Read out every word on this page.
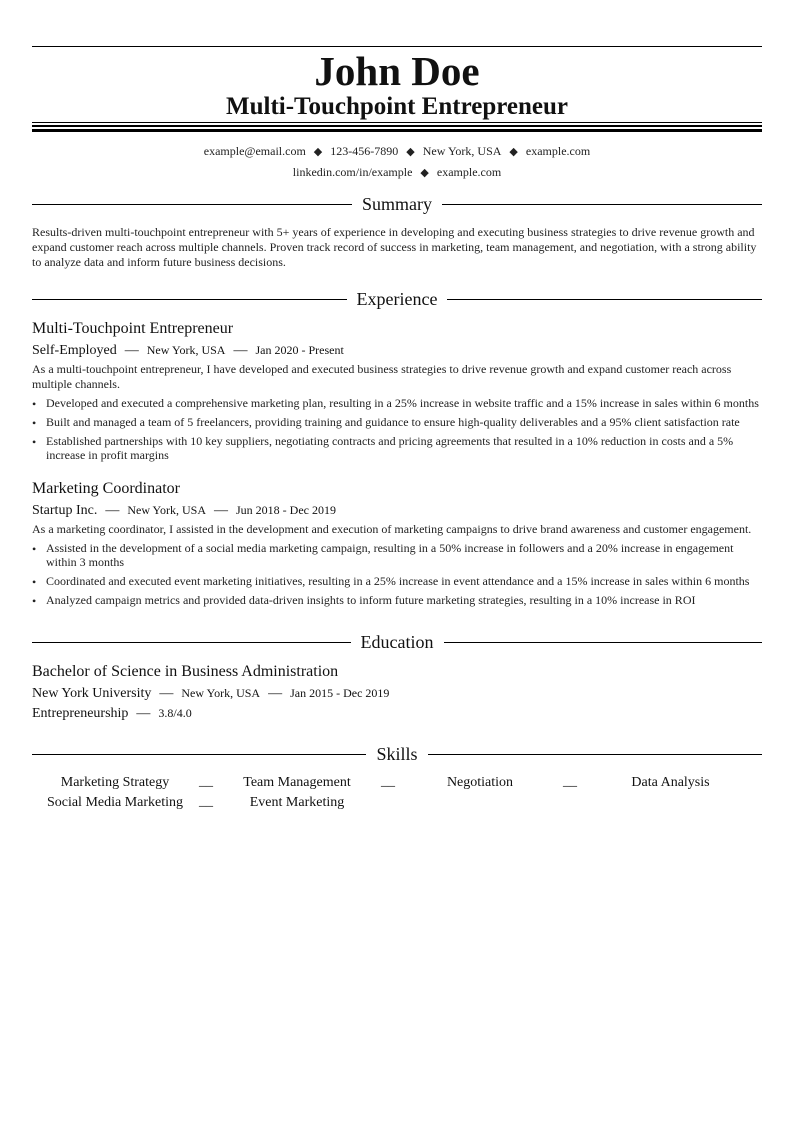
John Doe
Multi-Touchpoint Entrepreneur
example@email.com ◆ 123-456-7890 ◆ New York, USA ◆ example.com
linkedin.com/in/example ◆ example.com
Summary
Results-driven multi-touchpoint entrepreneur with 5+ years of experience in developing and executing business strategies to drive revenue growth and expand customer reach across multiple channels. Proven track record of success in marketing, team management, and negotiation, with a strong ability to analyze data and inform future business decisions.
Experience
Multi-Touchpoint Entrepreneur
Self-Employed — New York, USA — Jan 2020 - Present
As a multi-touchpoint entrepreneur, I have developed and executed business strategies to drive revenue growth and expand customer reach across multiple channels.
• Developed and executed a comprehensive marketing plan, resulting in a 25% increase in website traffic and a 15% increase in sales within 6 months
• Built and managed a team of 5 freelancers, providing training and guidance to ensure high-quality deliverables and a 95% client satisfaction rate
• Established partnerships with 10 key suppliers, negotiating contracts and pricing agreements that resulted in a 10% reduction in costs and a 5% increase in profit margins
Marketing Coordinator
Startup Inc. — New York, USA — Jun 2018 - Dec 2019
As a marketing coordinator, I assisted in the development and execution of marketing campaigns to drive brand awareness and customer engagement.
• Assisted in the development of a social media marketing campaign, resulting in a 50% increase in followers and a 20% increase in engagement within 3 months
• Coordinated and executed event marketing initiatives, resulting in a 25% increase in event attendance and a 15% increase in sales within 6 months
• Analyzed campaign metrics and provided data-driven insights to inform future marketing strategies, resulting in a 10% increase in ROI
Education
Bachelor of Science in Business Administration
New York University — New York, USA — Jan 2015 - Dec 2019
Entrepreneurship — 3.8/4.0
Skills
Marketing Strategy	__	Team Management	__	Negotiation	__	Data Analysis
Social Media Marketing	__	Event Marketing
